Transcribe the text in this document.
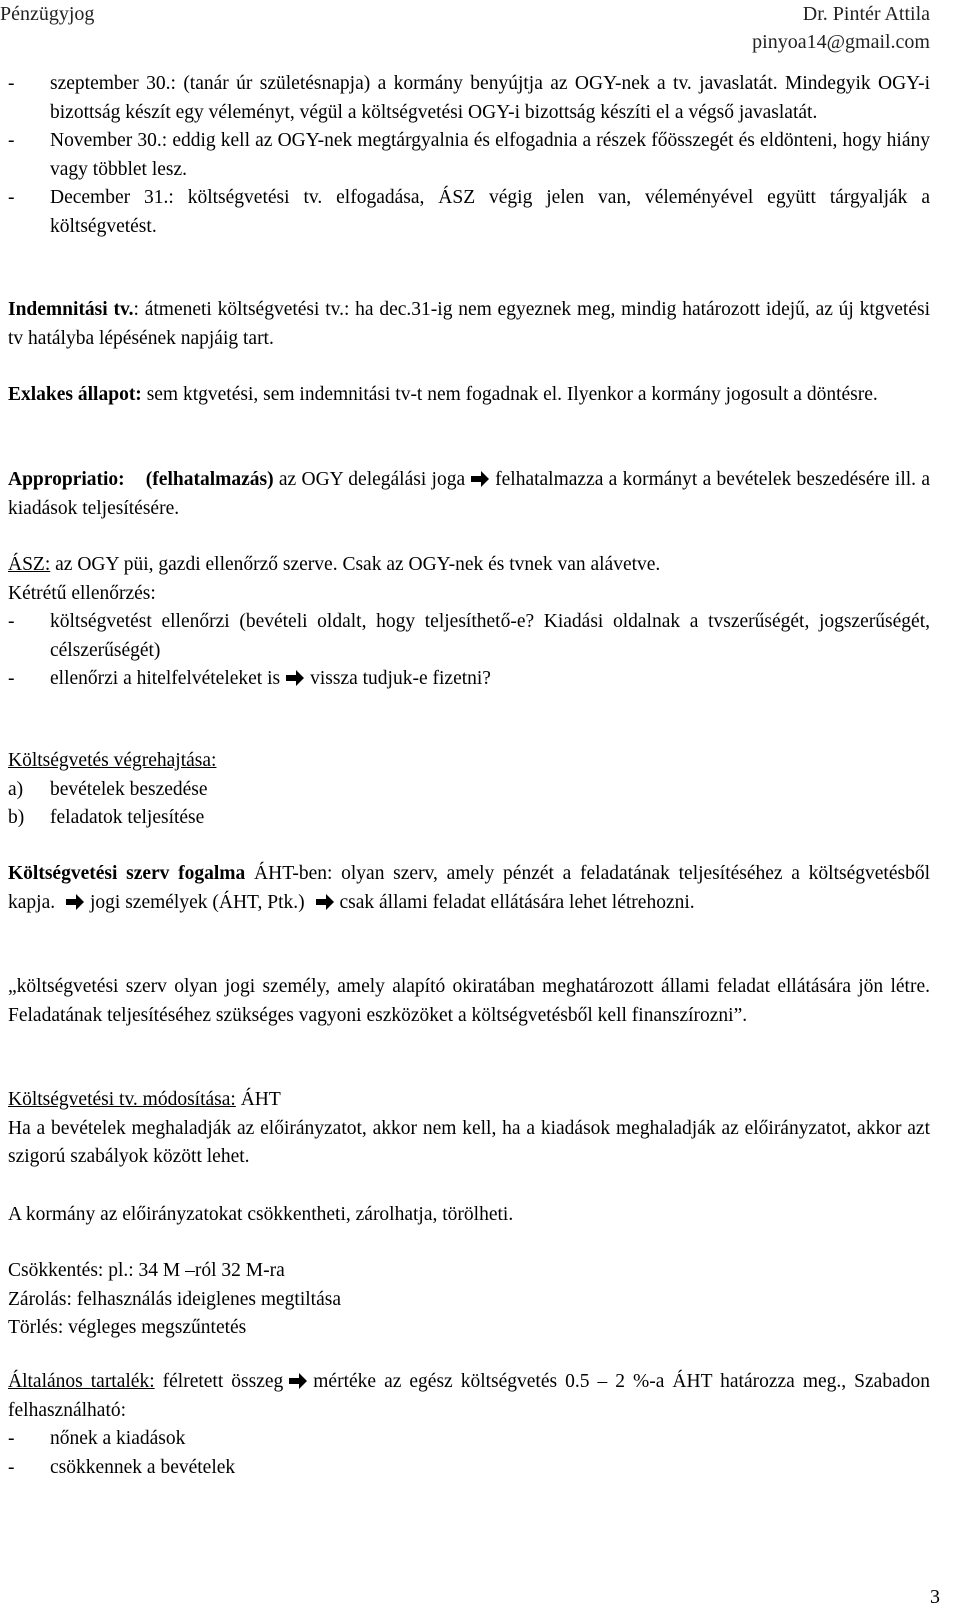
Pénzügyjog	Dr. Pintér Attila
pinyoa14@gmail.com
-	szeptember 30.: (tanár úr születésnapja) a kormány benyújtja az OGY-nek a tv. javaslatát. Mindegyik OGY-i bizottság készít egy véleményt, végül a költségvetési OGY-i bizottság készíti el a végső javaslatát.
-	November 30.: eddig kell az OGY-nek megtárgyalnia és elfogadnia a részek főösszegét és eldönteni, hogy hiány vagy többlet lesz.
-	December 31.: költségvetési tv. elfogadása, ÁSZ végig jelen van, véleményével együtt tárgyalják a költségvetést.
Indemnitási tv.: átmeneti költségvetési tv.: ha dec.31-ig nem egyeznek meg, mindig határozott idejű, az új ktgvetési tv hatályba lépésének napjáig tart.
Exlakes állapot: sem ktgvetési, sem indemnitási tv-t nem fogadnak el. Ilyenkor a kormány jogosult a döntésre.
Appropriatio: (felhatalmazás) az OGY delegálási joga felhatalmazza a kormányt a bevételek beszedésére ill. a kiadások teljesítésére.
ÁSZ: az OGY püi, gazdi ellenőrző szerve. Csak az OGY-nek és tvnek van alávetve.
Kétrétű ellenőrzés:
-	költségvetést ellenőrzi (bevételi oldalt, hogy teljesíthető-e? Kiadási oldalnak a tvszerűségét, jogszerűségét, célszerűségét)
-	ellenőrzi a hitelfelvételeket is vissza tudjuk-e fizetni?
Költségvetés végrehajtása:
a)	bevételek beszedése
b)	feladatok teljesítése
Költségvetési szerv fogalma ÁHT-ben: olyan szerv, amely pénzét a feladatának teljesítéséhez a költségvetésből kapja. jogi személyek (ÁHT, Ptk.) csak állami feladat ellátására lehet létrehozni.
„költségvetési szerv olyan jogi személy, amely alapító okiratában meghatározott állami feladat ellátására jön létre. Feladatának teljesítéséhez szükséges vagyoni eszközöket a költségvetésből kell finanszírozni”.
Költségvetési tv. módosítása: ÁHT
Ha a bevételek meghaladják az előirányzatot, akkor nem kell, ha a kiadások meghaladják az előirányzatot, akkor azt szigorú szabályok között lehet.
A kormány az előirányzatokat csökkentheti, zárolhatja, törölheti.
Csökkentés: pl.: 34 M –ról 32 M-ra
Zárolás: felhasználás ideiglenes megtiltása
Törlés: végleges megszűntetés
Általános tartalék: félretett összeg mértéke az egész költségvetés 0.5 – 2 %-a ÁHT határozza meg., Szabadon felhasználható:
-	nőnek a kiadások
-	csökkennek a bevételek
3
